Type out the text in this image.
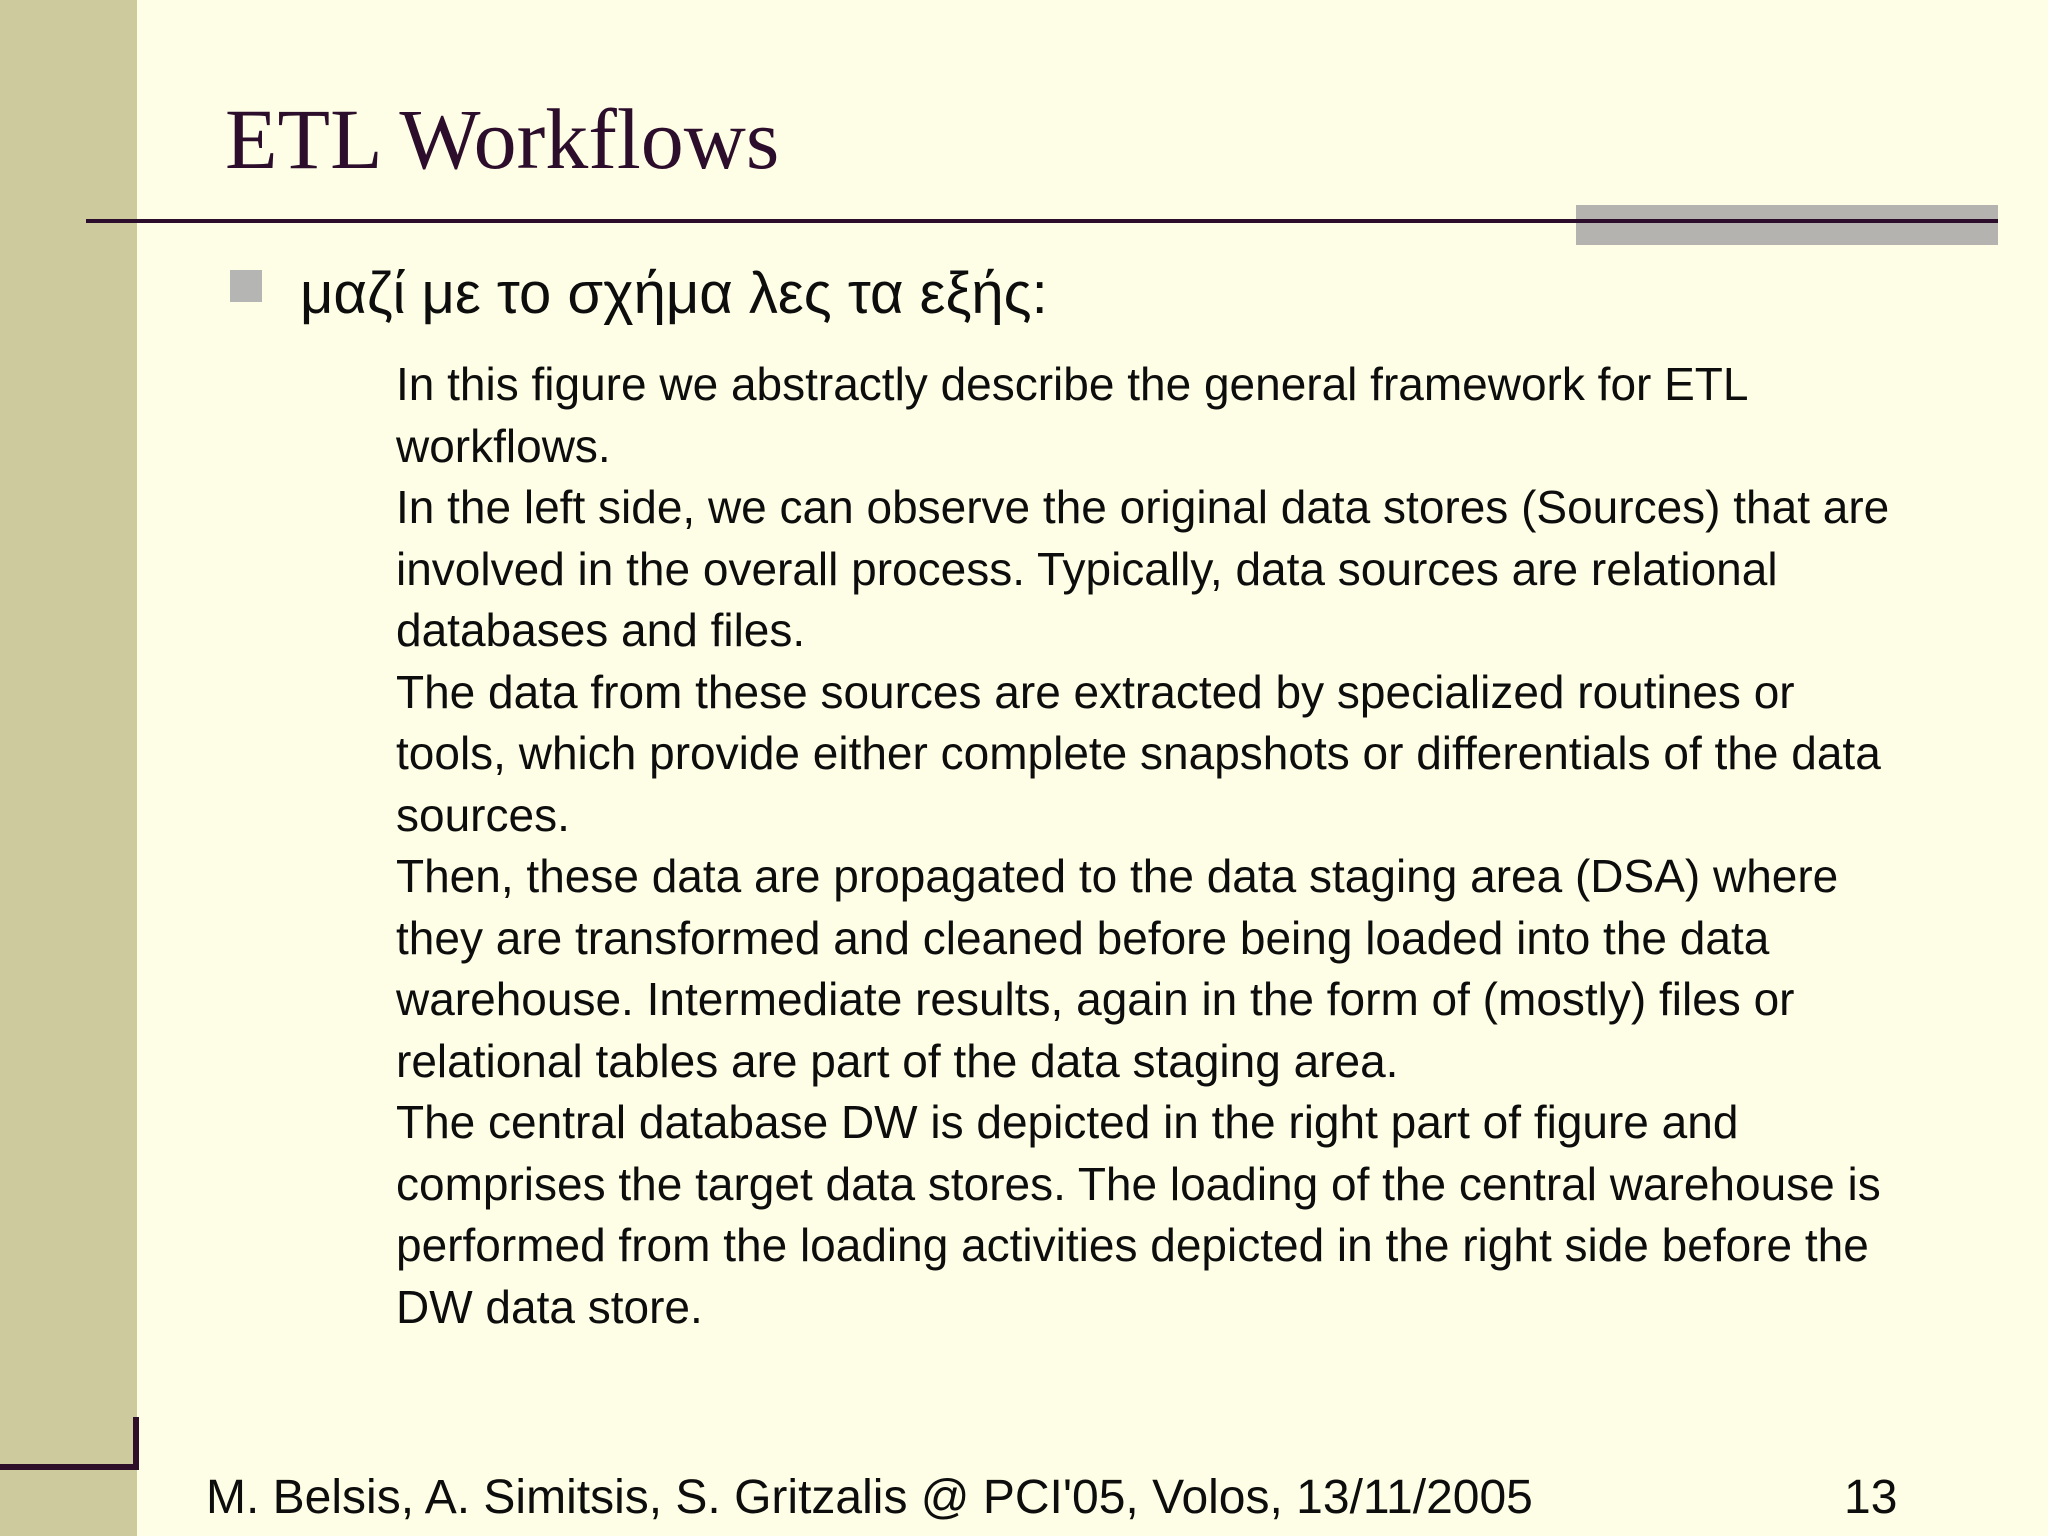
ETL Workflows
μαζί με το σχήμα λες τα εξής:

In this figure we abstractly describe the general framework for ETL workflows.

In the left side, we can observe the original data stores (Sources) that are involved in the overall process. Typically, data sources are relational databases and files.

The data from these sources are extracted by specialized routines or tools, which provide either complete snapshots or differentials of the data sources.

Then, these data are propagated to the data staging area (DSA) where they are transformed and cleaned before being loaded into the data warehouse. Intermediate results, again in the form of (mostly) files or relational tables are part of the data staging area.

The central database DW is depicted in the right part of figure and comprises the target data stores. The loading of the central warehouse is performed from the loading activities depicted in the right side before the DW data store.

M. Belsis, A. Simitsis, S. Gritzalis @ PCI'05, Volos, 13/11/2005	13
